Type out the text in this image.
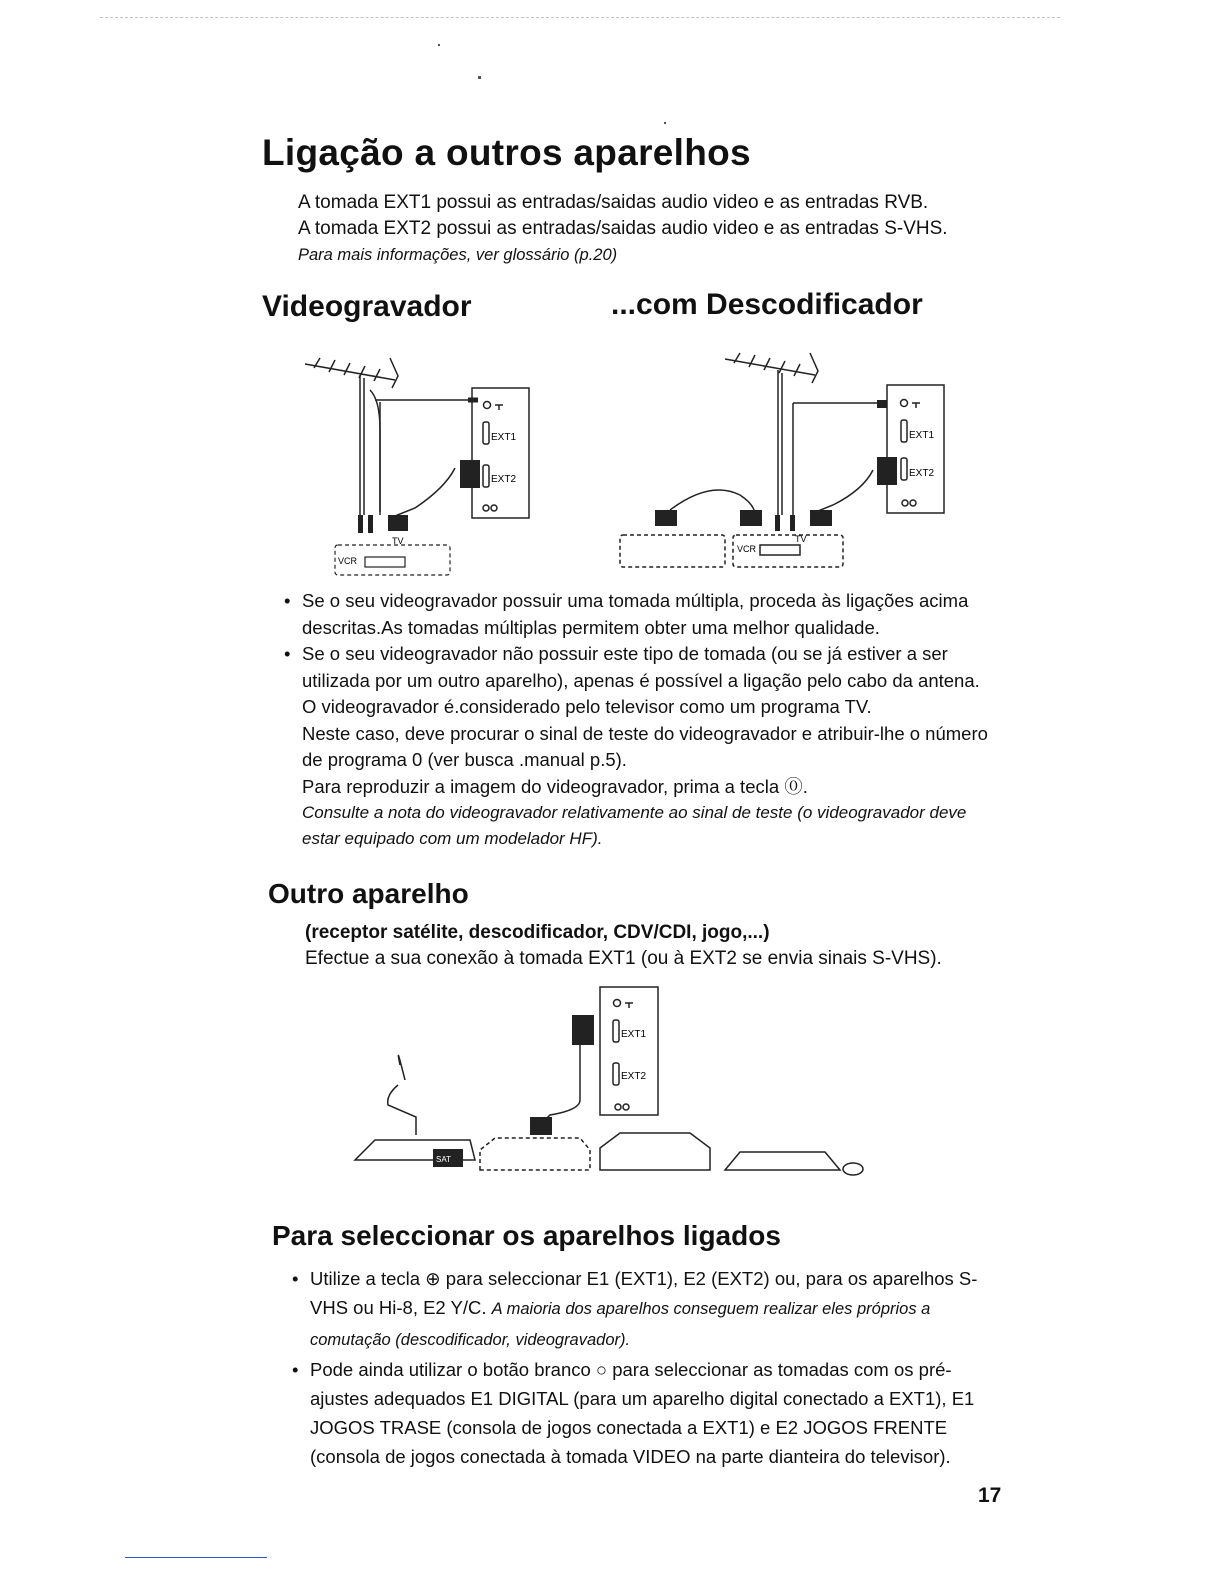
Ligação a outros aparelhos

A tomada EXT1 possui as entradas/saidas audio video e as entradas RVB.

A tomada EXT2 possui as entradas/saidas audio video e as entradas S-VHS.

Para mais informações, ver glossário (p.20)

Videogravador	...com Descodificador
EXT1
EXT2
VCR
TV
EXT1
EXT2
VCR
TV

• Se o seu videogravador possuir uma tomada múltipla, proceda às ligações acima descritas.As tomadas múltiplas permitem obter uma melhor qualidade.

• Se o seu videogravador não possuir este tipo de tomada (ou se já estiver a ser utilizada por um outro aparelho), apenas é possível a ligação pelo cabo da antena.

O videogravador é.considerado pelo televisor como um programa TV.

Neste caso, deve procurar o sinal de teste do videogravador e atribuir-lhe o número de programa 0 (ver busca .manual p.5).

Para reproduzir a imagem do videogravador, prima a tecla ⓪.

Consulte a nota do videogravador relativamente ao sinal de teste (o videogravador deve estar equipado com um modelador HF).

Outro aparelho

(receptor satélite, descodificador, CDV/CDI, jogo,...)

Efectue a sua conexão à tomada EXT1 (ou à EXT2 se envia sinais S-VHS).

SAT
EXT1
EXT2
Para seleccionar os aparelhos ligados
• Utilize a tecla ⊕ para seleccionar E1 (EXT1), E2 (EXT2) ou, para os aparelhos S-VHS ou Hi-8, E2 Y/C. A maioria dos aparelhos conseguem realizar eles próprios a comutação (descodificador, videogravador).
• Pode ainda utilizar o botão branco ○ para seleccionar as tomadas com os pré-ajustes adequados E1 DIGITAL (para um aparelho digital conectado a EXT1), E1 JOGOS TRASE (consola de jogos conectada a EXT1) e E2 JOGOS FRENTE (consola de jogos conectada à tomada VIDEO na parte dianteira do televisor).
17
